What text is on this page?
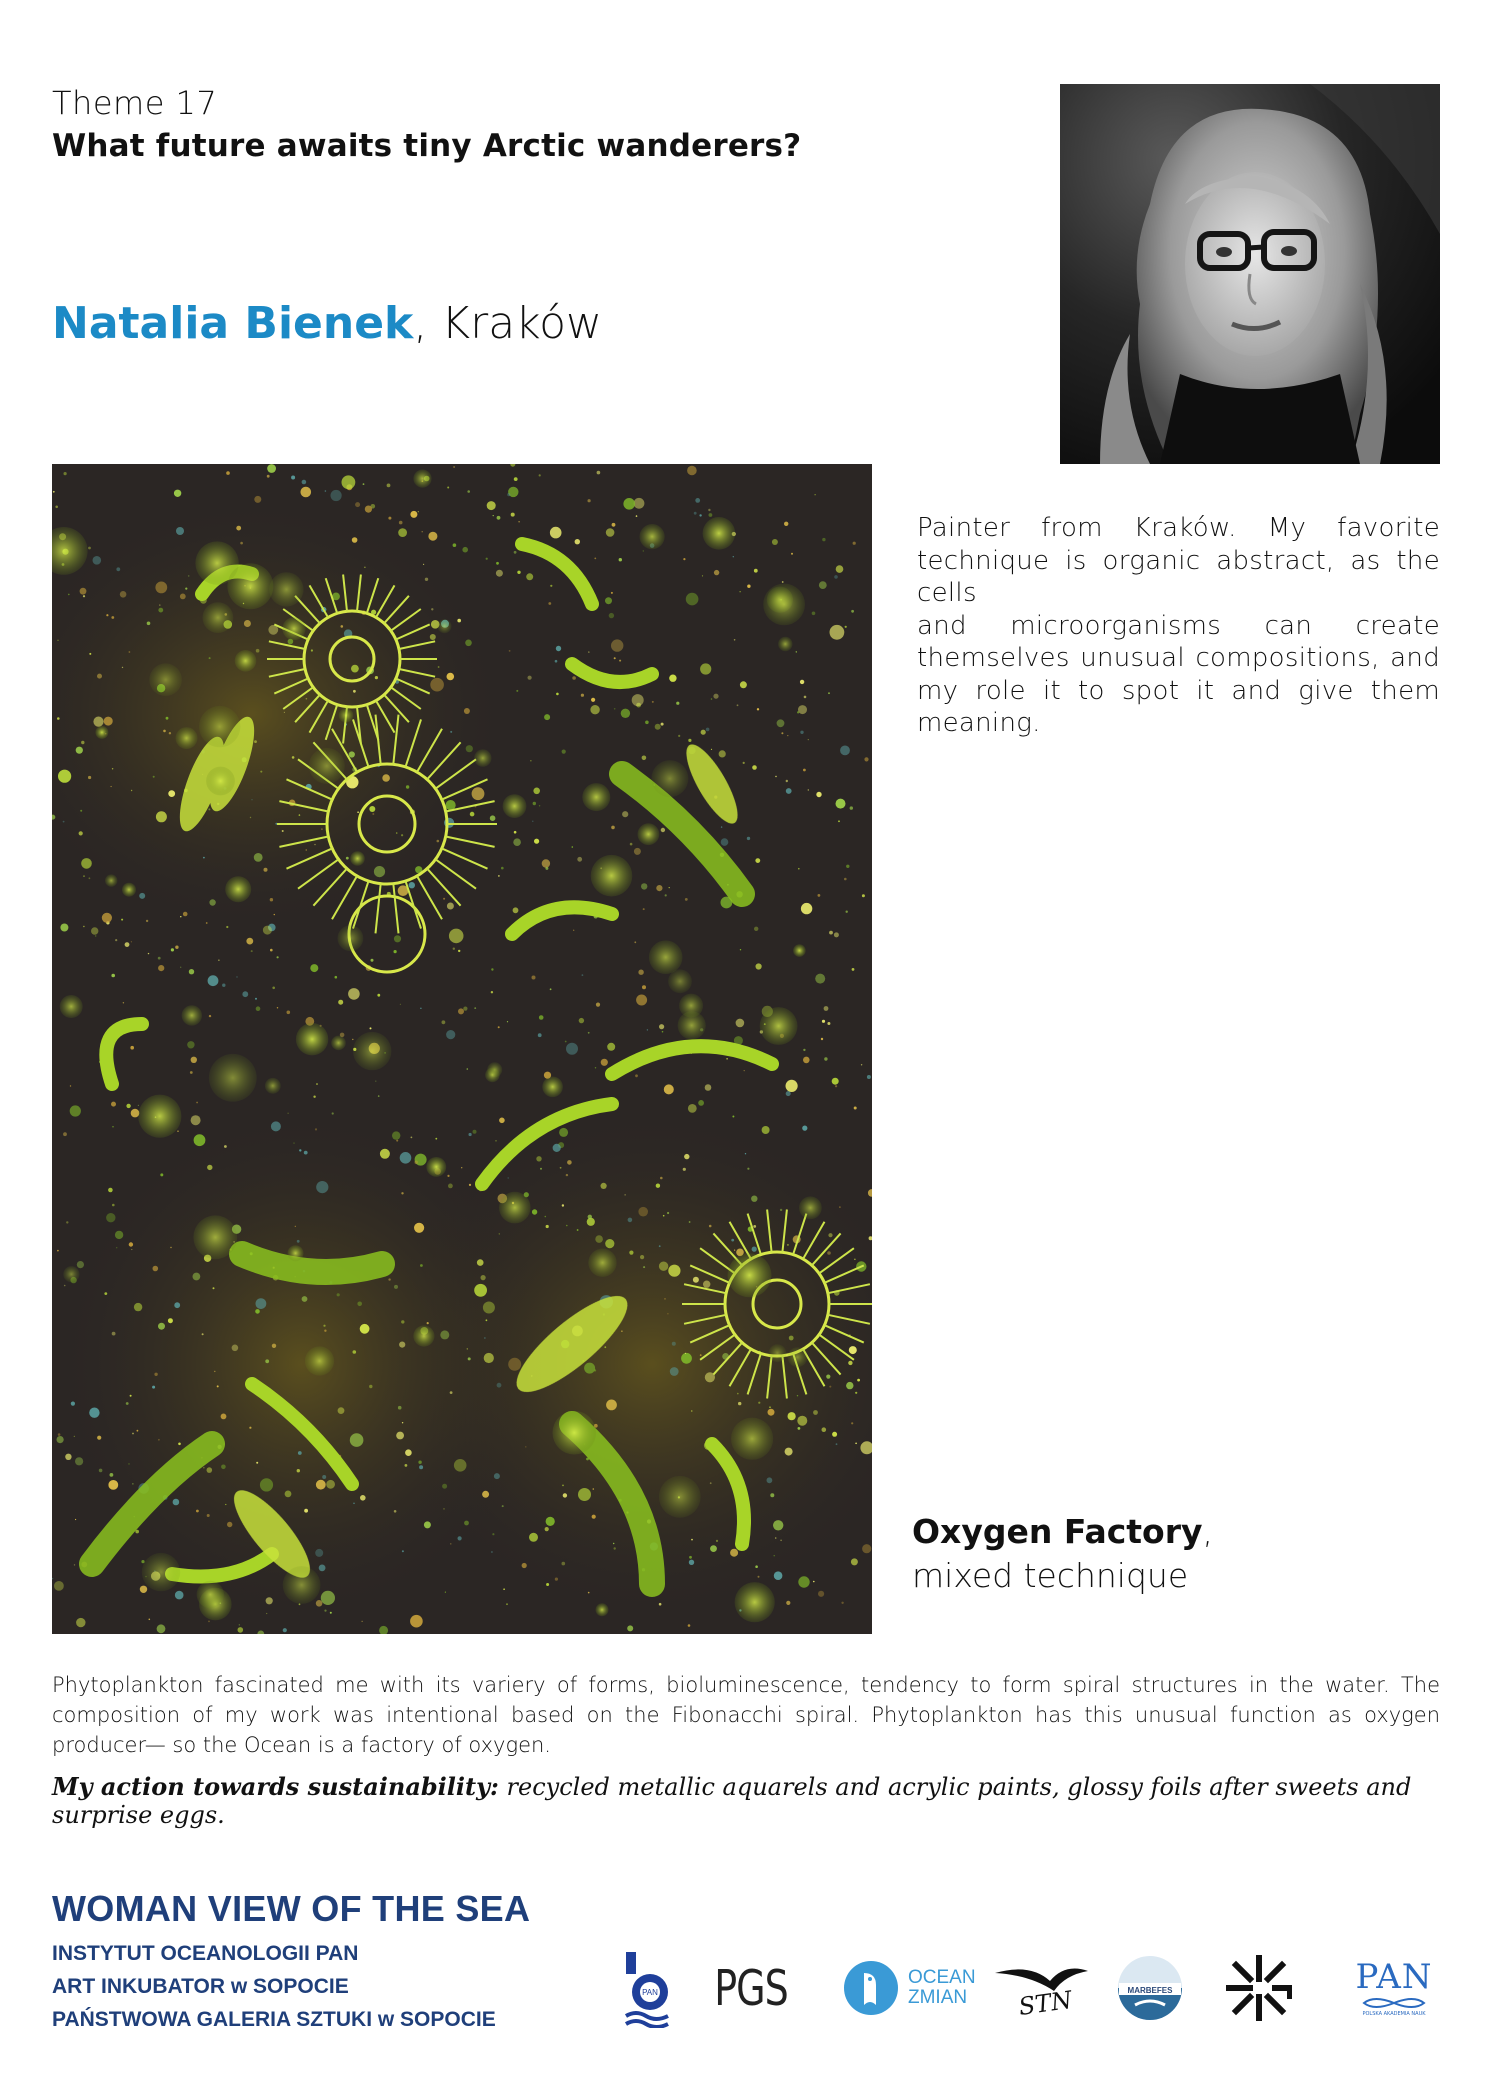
Theme 17
What future awaits tiny Arctic wanderers?
Natalia Bienek, Kraków
Painter from Kraków. My favorite
technique is organic abstract, as the cells
and microorganisms can create
themselves unusual compositions, and
my role it to spot it and give them
meaning.
Oxygen Factory,
mixed technique
Phytoplankton fascinated me with its variery of forms, bioluminescence, tendency to form spiral structures in the water. The composition of my work was intentional based on the Fibonacchi spiral. Phytoplankton has this unusual function as oxygen producer— so the Ocean is a factory of oxygen.
My action towards sustainability: recycled metallic aquarels and acrylic paints, glossy foils after sweets and surprise eggs.
WOMAN VIEW OF THE SEA
INSTYTUT OCEANOLOGII PAN
ART INKUBATOR w SOPOCIE
PAŃSTWOWA GALERIA SZTUKI w SOPOCIE
PAN PGS	OCEAN
ZMIAN	STN	MARBEFES	PAN
POLSKA AKADEMIA NAUK
